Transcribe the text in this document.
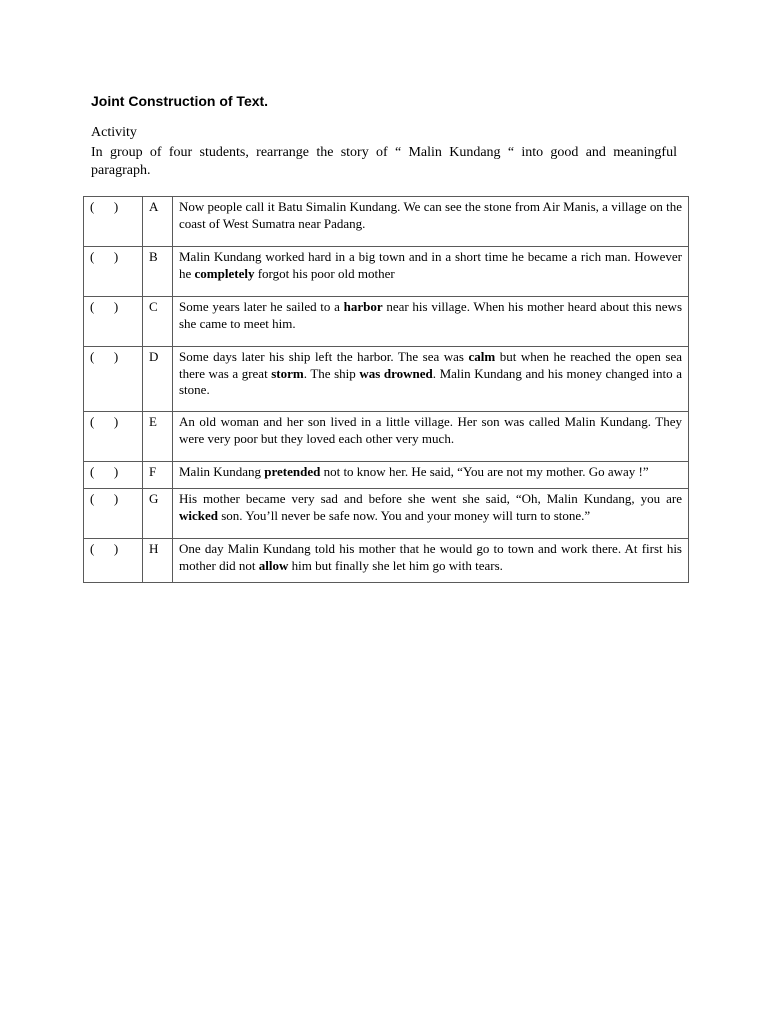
Joint Construction of Text.

Activity

In group of four students, rearrange the story of “ Malin Kundang “ into good and meaningful paragraph.

(      )	A	Now people call it Batu Simalin Kundang. We can see the stone from Air Manis, a village on the coast of West Sumatra near Padang.
(      )	B	Malin Kundang worked hard in a big town and in a short time he became a rich man. However he completely forgot his poor old mother
(      )	C	Some years later he sailed to a harbor near his village. When his mother heard about this news she came to meet him.
(      )	D	Some days later his ship left the harbor. The sea was calm but when he reached the open sea there was a great storm. The ship was drowned. Malin Kundang and his money changed into a stone.
(      )	E	An old woman and her son lived in a little village. Her son was called Malin Kundang. They were very poor but they loved each other very much.
(      )	F	Malin Kundang pretended not to know her. He said, “You are not my mother. Go away !”
(      )	G	His mother became very sad and before she went she said, “Oh, Malin Kundang, you are wicked son. You’ll never be safe now. You and your money will turn to stone.”
(      )	H	One day Malin Kundang told his mother that he would go to town and work there. At first his mother did not allow him but finally she let him go with tears.
